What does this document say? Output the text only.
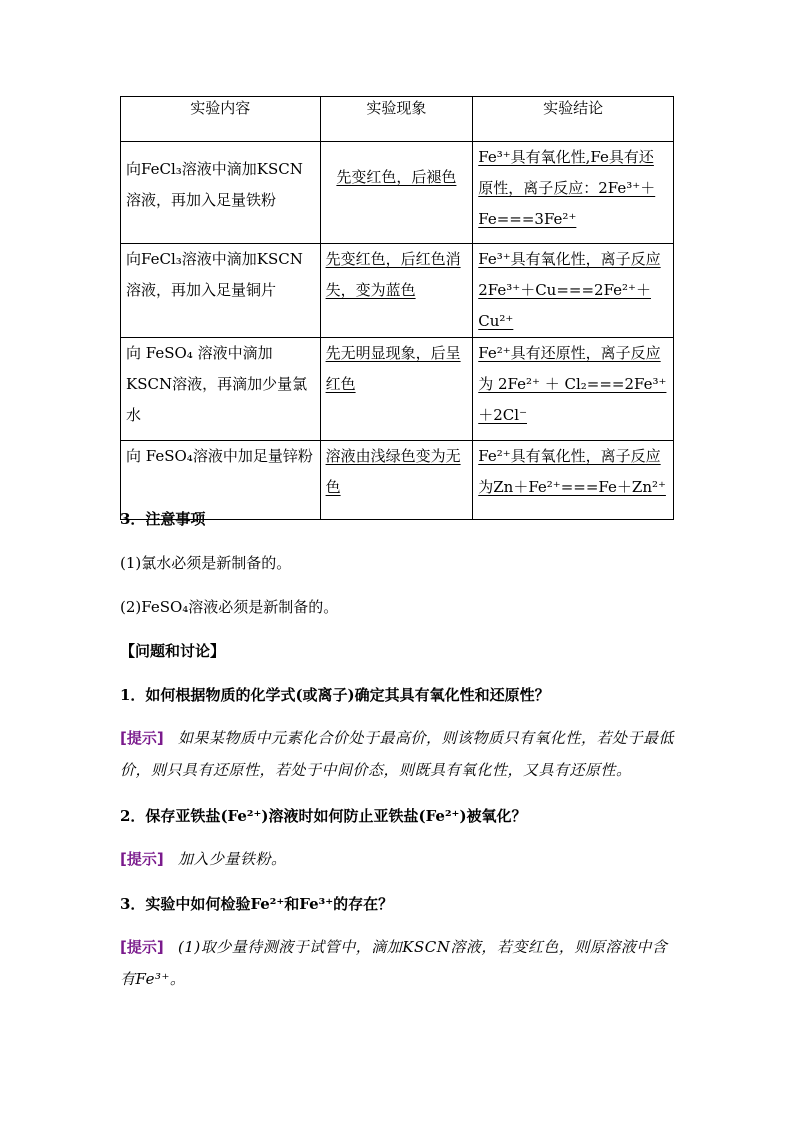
实验内容	实验现象	实验结论

向FeCl₃溶液中滴加KSCN溶液，再加入足量铁粉	先变红色，后褪色	Fe³⁺具有氧化性,Fe具有还原性，离子反应：2Fe³⁺＋Fe===3Fe²⁺
向FeCl₃溶液中滴加KSCN溶液，再加入足量铜片	先变红色，后红色消失，变为蓝色	Fe³⁺具有氧化性，离子反应2Fe³⁺＋Cu===2Fe²⁺＋Cu²⁺
向 FeSO₄ 溶液中滴加KSCN溶液，再滴加少量氯水	先无明显现象，后呈红色	Fe²⁺具有还原性，离子反应为 2Fe²⁺ ＋ Cl₂===2Fe³⁺ ＋2Cl⁻
向 FeSO₄溶液中加足量锌粉	溶液由浅绿色变为无色	Fe²⁺具有氧化性，离子反应为Zn＋Fe²⁺===Fe＋Zn²⁺
3．注意事项
(1)氯水必须是新制备的。
(2)FeSO₄溶液必须是新制备的。
【问题和讨论】
1．如何根据物质的化学式(或离子)确定其具有氧化性和还原性？
[提示] 如果某物质中元素化合价处于最高价，则该物质只有氧化性，若处于最低价，则只具有还原性，若处于中间价态，则既具有氧化性，又具有还原性。
2．保存亚铁盐(Fe²⁺)溶液时如何防止亚铁盐(Fe²⁺)被氧化？
[提示] 加入少量铁粉。
3．实验中如何检验Fe²⁺和Fe³⁺的存在？
[提示] (1)取少量待测液于试管中，滴加KSCN溶液，若变红色，则原溶液中含有Fe³⁺。
